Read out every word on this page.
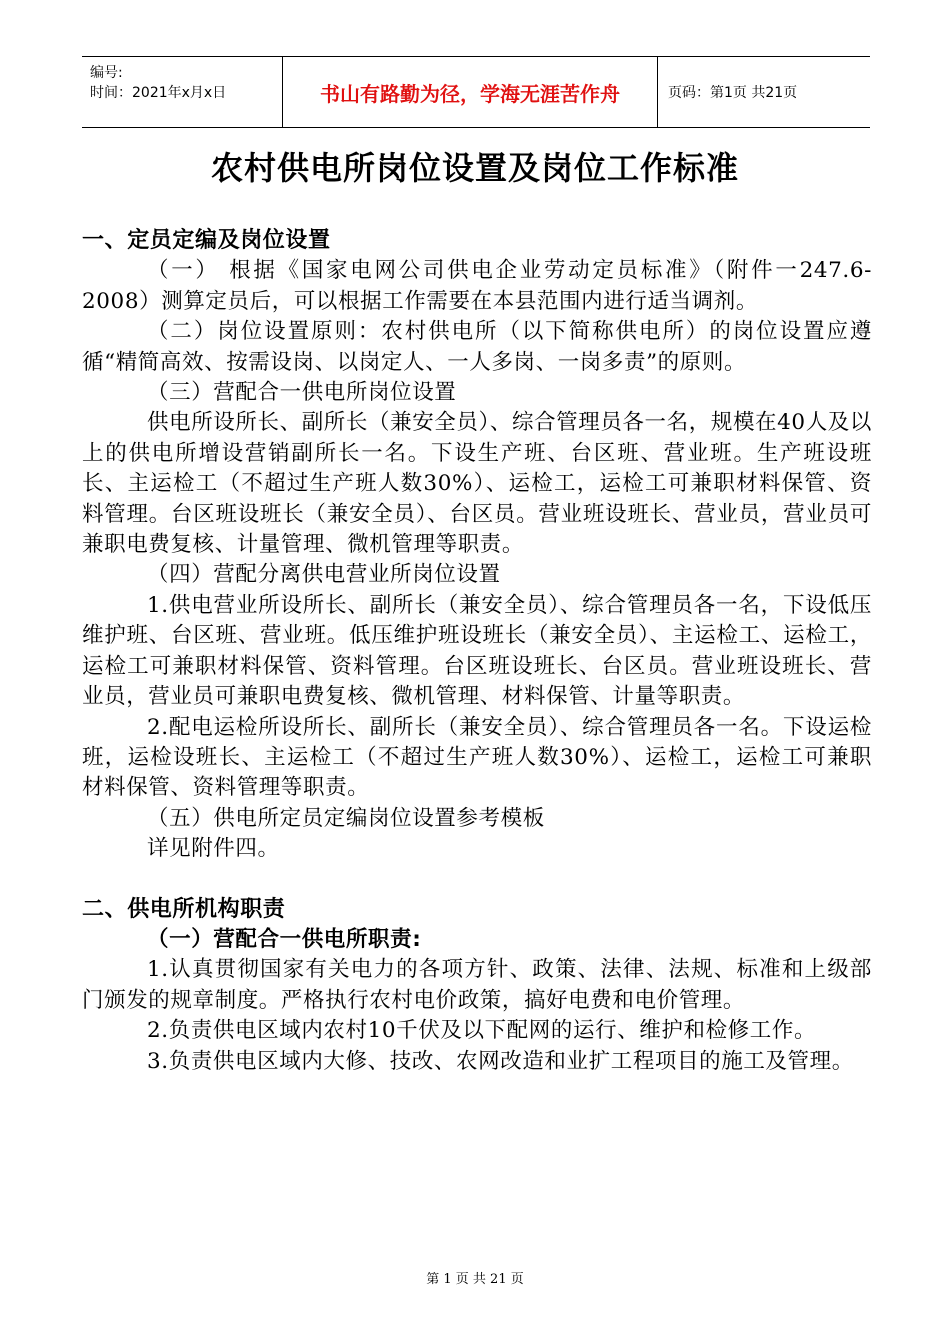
编号:
时间：2021年x月x日	书山有路勤为径，学海无涯苦作舟	页码：第1页 共21页
农村供电所岗位设置及岗位工作标准

一、定员定编及岗位设置

（一） 根据《国家电网公司供电企业劳动定员标准》（附件一247.6-2008）测算定员后，可以根据工作需要在本县范围内进行适当调剂。

（二）岗位设置原则：农村供电所（以下简称供电所）的岗位设置应遵循“精简高效、按需设岗、以岗定人、一人多岗、一岗多责”的原则。

（三）营配合一供电所岗位设置

供电所设所长、副所长（兼安全员）、综合管理员各一名，规模在40人及以上的供电所增设营销副所长一名。下设生产班、台区班、营业班。生产班设班长、主运检工（不超过生产班人数30%）、运检工，运检工可兼职材料保管、资料管理。台区班设班长（兼安全员）、台区员。营业班设班长、营业员，营业员可兼职电费复核、计量管理、微机管理等职责。

（四）营配分离供电营业所岗位设置

1.供电营业所设所长、副所长（兼安全员）、综合管理员各一名，下设低压维护班、台区班、营业班。低压维护班设班长（兼安全员）、主运检工、运检工，运检工可兼职材料保管、资料管理。台区班设班长、台区员。营业班设班长、营业员，营业员可兼职电费复核、微机管理、材料保管、计量等职责。

2.配电运检所设所长、副所长（兼安全员）、综合管理员各一名。下设运检班，运检设班长、主运检工（不超过生产班人数30%）、运检工，运检工可兼职材料保管、资料管理等职责。

（五）供电所定员定编岗位设置参考模板

详见附件四。

二、供电所机构职责

（一）营配合一供电所职责:

1.认真贯彻国家有关电力的各项方针、政策、法律、法规、标准和上级部门颁发的规章制度。严格执行农村电价政策，搞好电费和电价管理。

2.负责供电区域内农村10千伏及以下配网的运行、维护和检修工作。

3.负责供电区域内大修、技改、农网改造和业扩工程项目的施工及管理。

第 1 页 共 21 页
